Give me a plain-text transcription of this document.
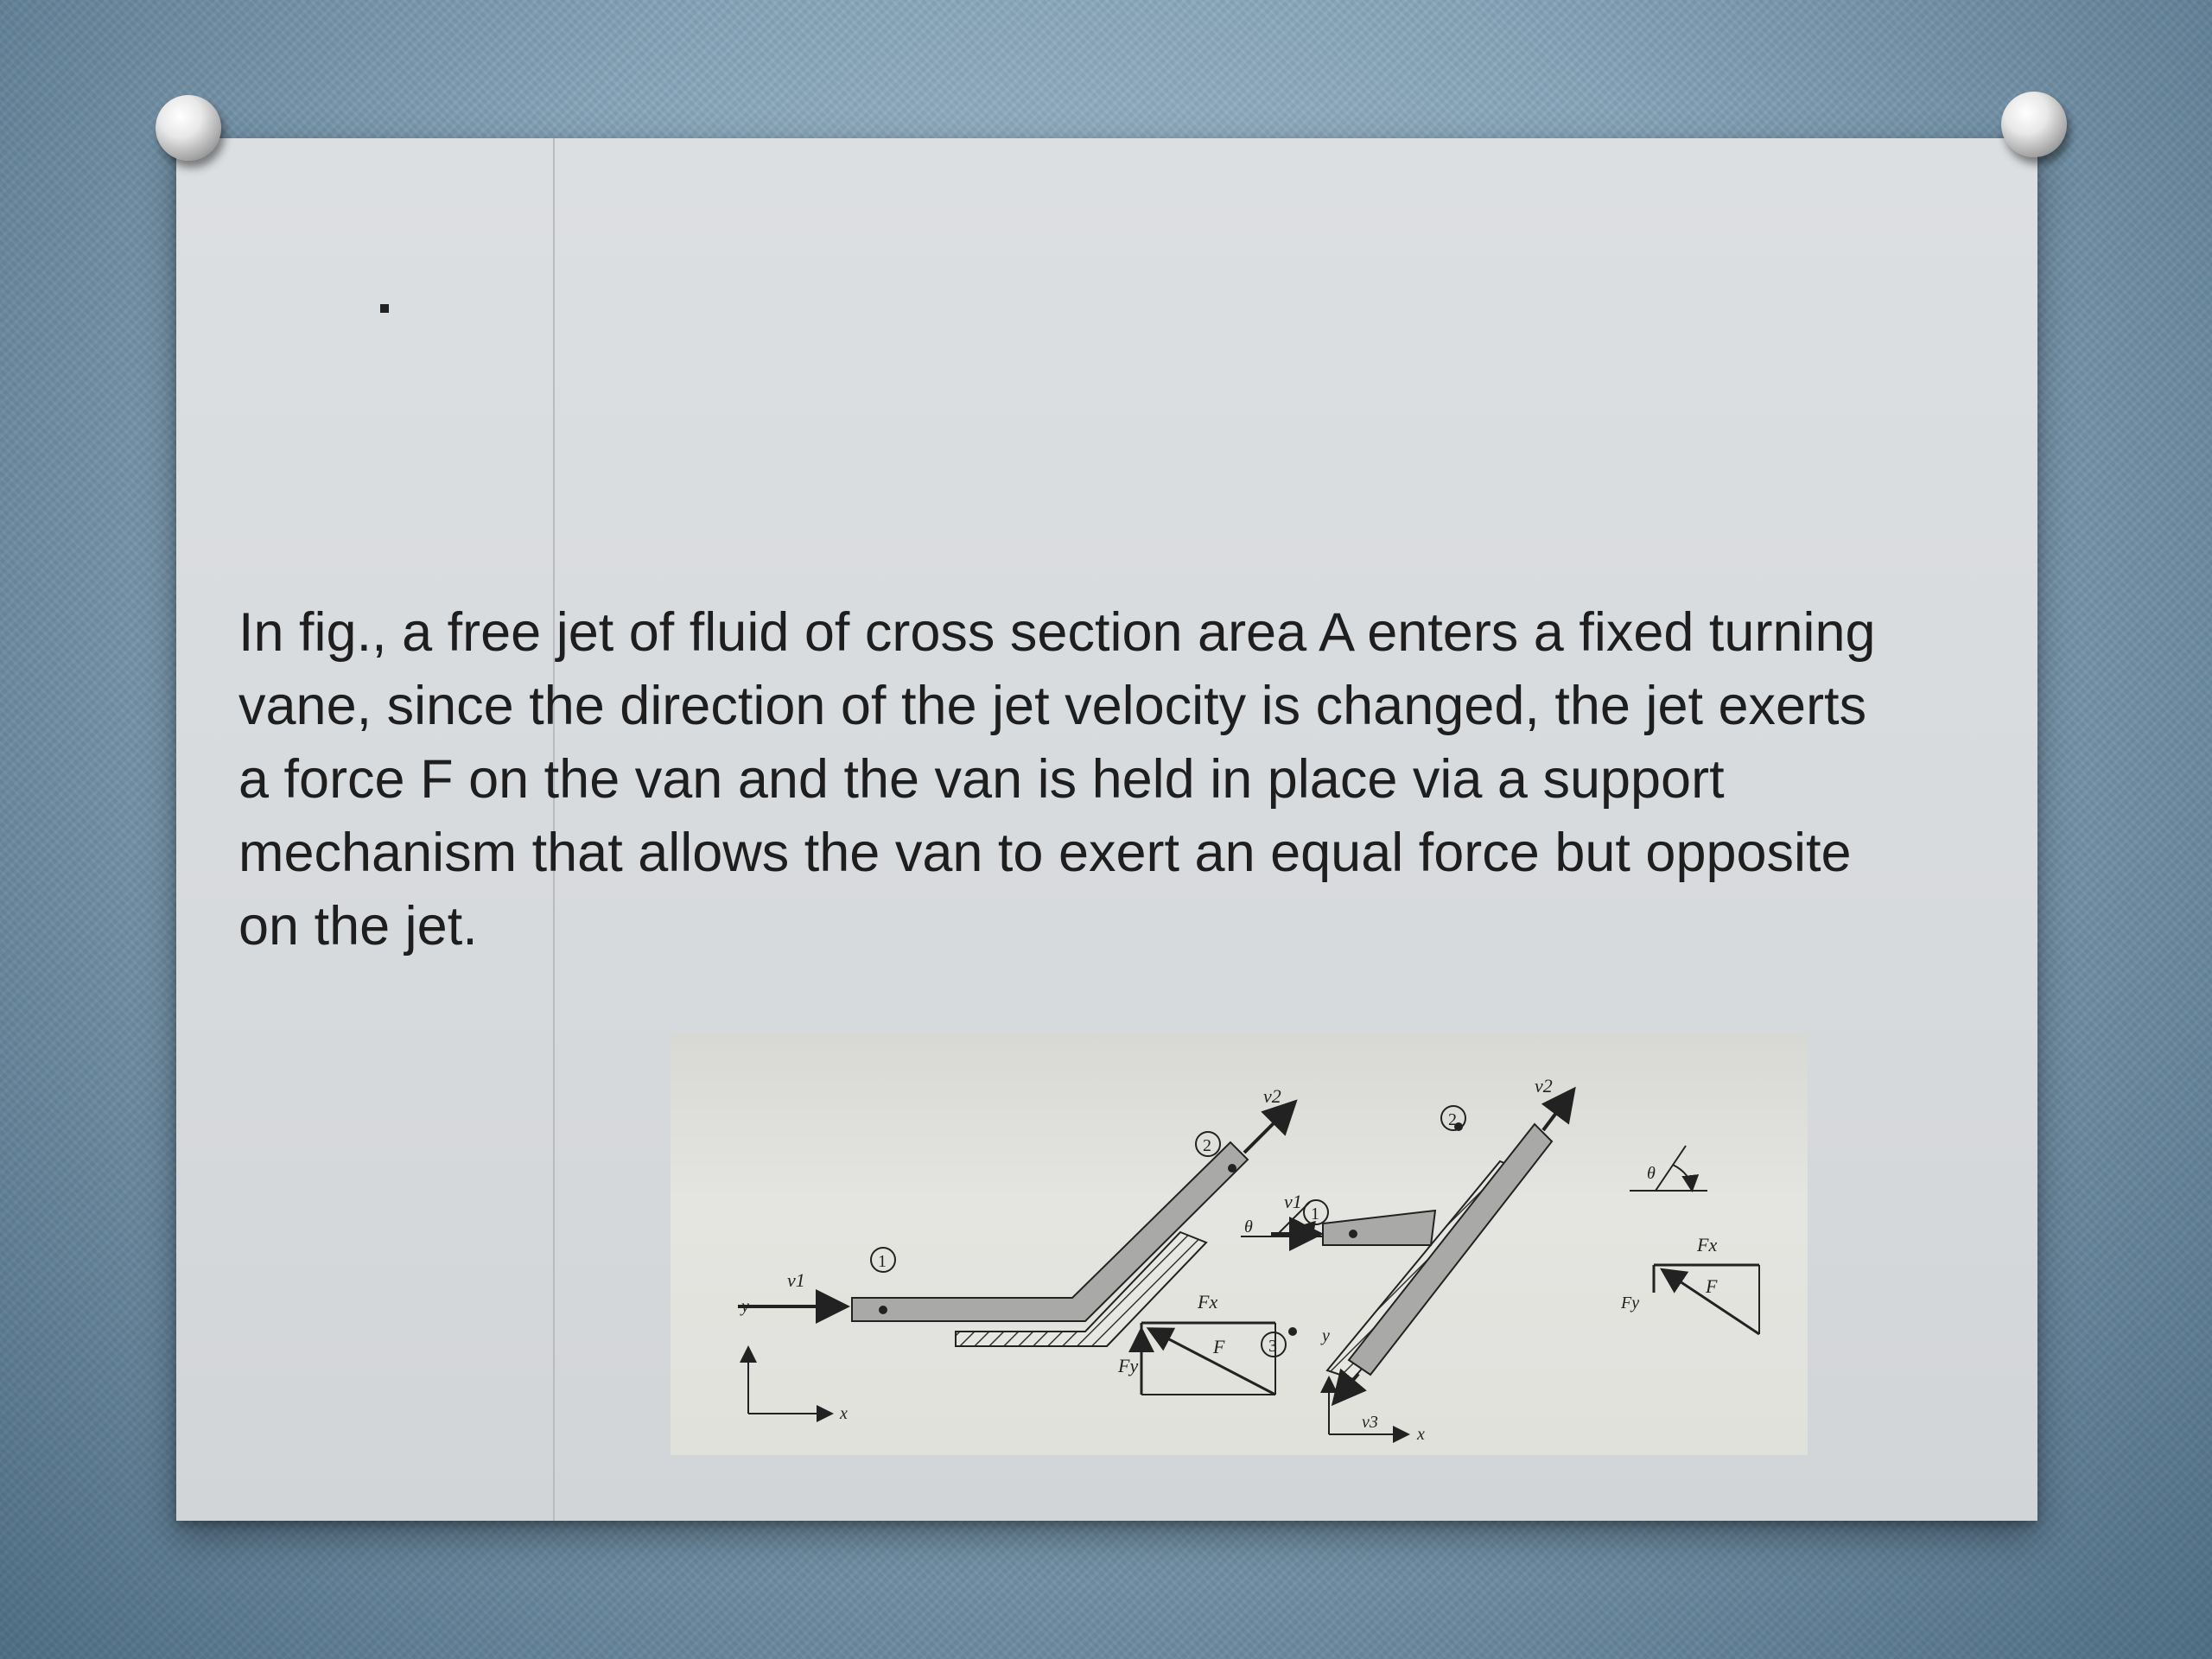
In fig., a free jet of fluid of cross section area A enters a fixed turning vane, since the direction of the jet velocity is changed, the jet exerts a force F on the van and the van is held in place via a support mechanism that allows the van to exert an equal force but opposite on the jet.

v1
v2
1
2
θ
Fx
Fy
F
y
x
v1
v2
v3
2
1
3
θ
Fx
Fy
F
y
x
